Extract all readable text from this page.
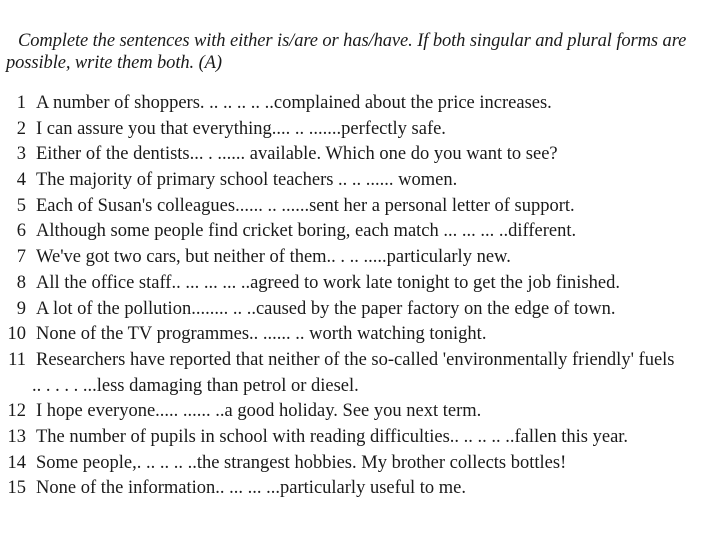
Complete the sentences with either is/are or has/have. If both singular and plural forms are
possible, write them both. (A)
1 A number of shoppers. .. .. .. .. ..complained about the price increases.
2 I can assure you that everything.... .. .......perfectly safe.
3 Either of the dentists... . ...... available. Which one do you want to see?
4 The majority of primary school teachers .. .. ...... women.
5 Each of Susan's colleagues...... .. ......sent her a personal letter of support.
6 Although some people find cricket boring, each match ... ... ... ..different.
7 We've got two cars, but neither of them.. . .. .....particularly new.
8 All the office staff.. ... ... ... ..agreed to work late tonight to get the job finished.
9 A lot of the pollution........ .. ..caused by the paper factory on the edge of town.
10 None of the TV programmes.. ...... .. worth watching tonight.
11 Researchers have reported that neither of the so-called 'environmentally friendly' fuels
.. . . . . ...less damaging than petrol or diesel.
12 I hope everyone..... ...... ..a good holiday. See you next term.
13 The number of pupils in school with reading difficulties.. .. .. .. ..fallen this year.
14 Some people,. .. .. .. ..the strangest hobbies. My brother collects bottles!
15 None of the information.. ... ... ...particularly useful to me.
